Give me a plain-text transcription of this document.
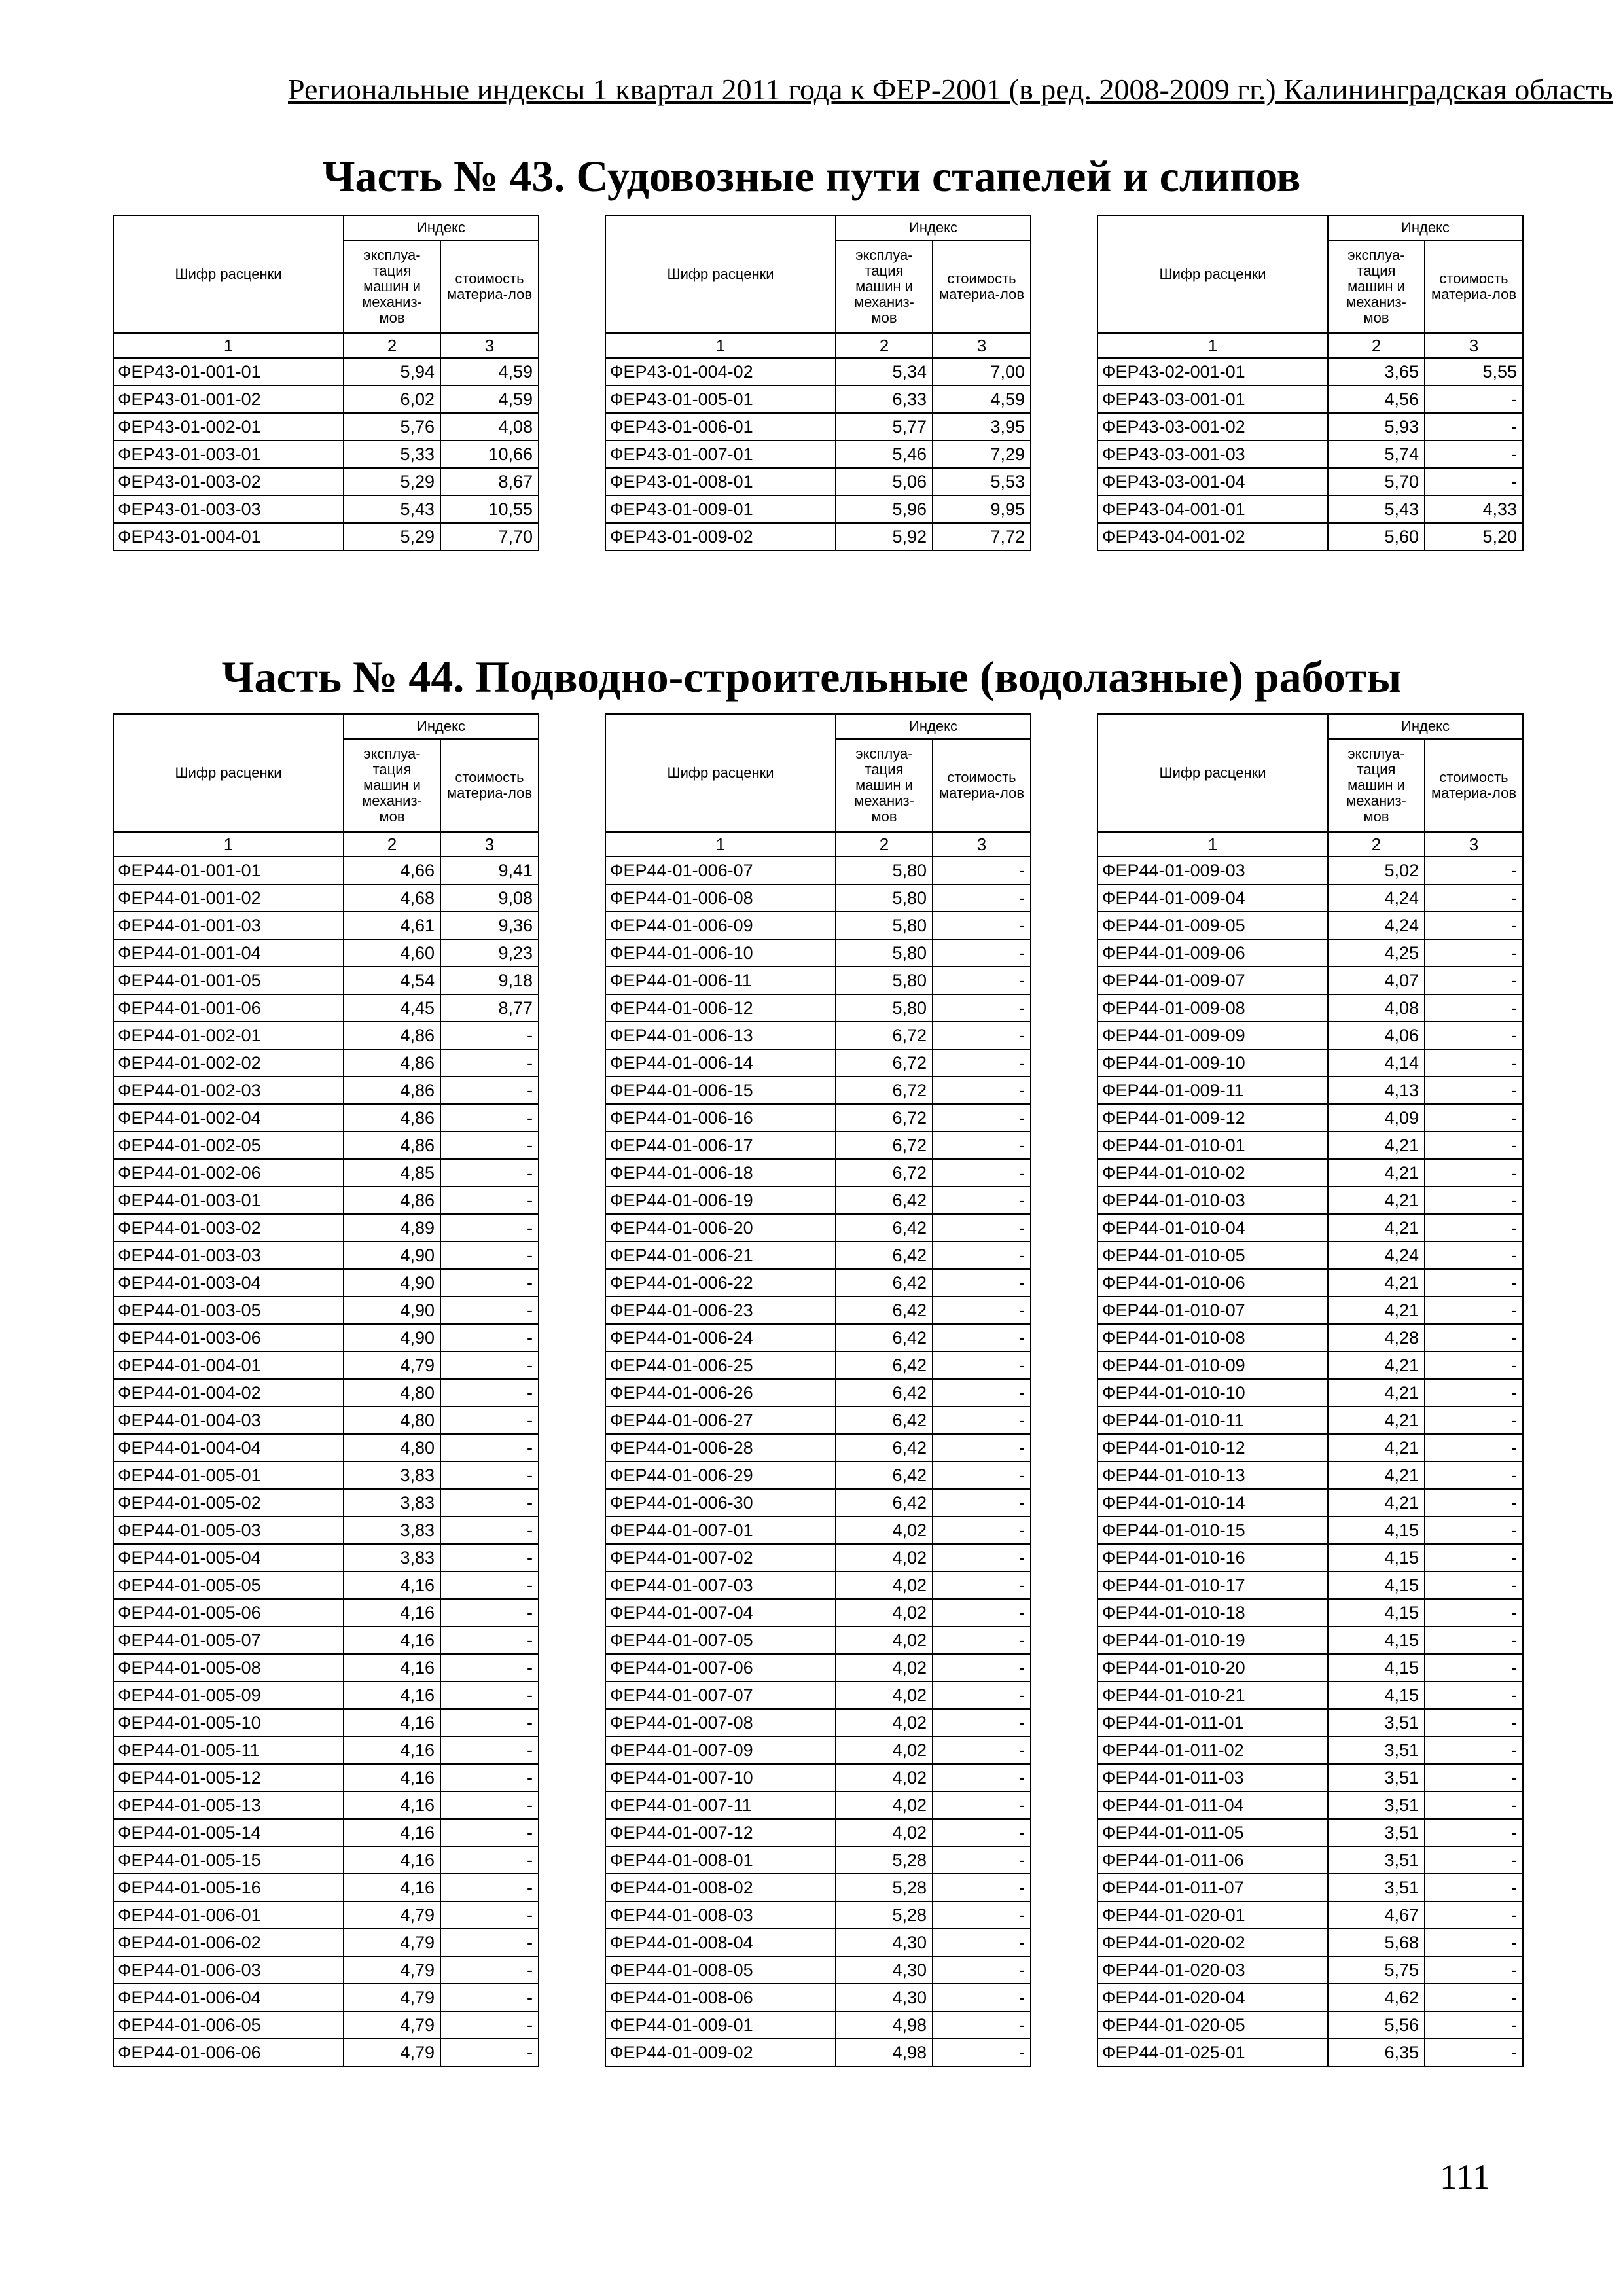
Региональные индексы 1 квартал 2011 года к ФЕР-2001 (в ред. 2008-2009 гг.) Калининградская область
Часть № 43. Судовозные пути стапелей и слипов
Часть № 44. Подводно-строительные (водолазные) работы
Шифр расценки	Индекс	
	эксплуа-тация машин и механиз-мов	стоимость материа-лов
1	2	3
ФЕР43-01-001-01	5,94	4,59
ФЕР43-01-001-02	6,02	4,59
ФЕР43-01-002-01	5,76	4,08
ФЕР43-01-003-01	5,33	10,66
ФЕР43-01-003-02	5,29	8,67
ФЕР43-01-003-03	5,43	10,55
ФЕР43-01-004-01	5,29	7,70
Шифр расценки	Индекс	
	эксплуа-тация машин и механиз-мов	стоимость материа-лов
1	2	3
ФЕР43-01-004-02	5,34	7,00
ФЕР43-01-005-01	6,33	4,59
ФЕР43-01-006-01	5,77	3,95
ФЕР43-01-007-01	5,46	7,29
ФЕР43-01-008-01	5,06	5,53
ФЕР43-01-009-01	5,96	9,95
ФЕР43-01-009-02	5,92	7,72
Шифр расценки	Индекс	
	эксплуа-тация машин и механиз-мов	стоимость материа-лов
1	2	3
ФЕР43-02-001-01	3,65	5,55
ФЕР43-03-001-01	4,56	-
ФЕР43-03-001-02	5,93	-
ФЕР43-03-001-03	5,74	-
ФЕР43-03-001-04	5,70	-
ФЕР43-04-001-01	5,43	4,33
ФЕР43-04-001-02	5,60	5,20
Шифр расценки	Индекс	
	эксплуа-тация машин и механиз-мов	стоимость материа-лов
1	2	3
ФЕР44-01-001-01	4,66	9,41
ФЕР44-01-001-02	4,68	9,08
ФЕР44-01-001-03	4,61	9,36
ФЕР44-01-001-04	4,60	9,23
ФЕР44-01-001-05	4,54	9,18
ФЕР44-01-001-06	4,45	8,77
ФЕР44-01-002-01	4,86	-
ФЕР44-01-002-02	4,86	-
ФЕР44-01-002-03	4,86	-
ФЕР44-01-002-04	4,86	-
ФЕР44-01-002-05	4,86	-
ФЕР44-01-002-06	4,85	-
ФЕР44-01-003-01	4,86	-
ФЕР44-01-003-02	4,89	-
ФЕР44-01-003-03	4,90	-
ФЕР44-01-003-04	4,90	-
ФЕР44-01-003-05	4,90	-
ФЕР44-01-003-06	4,90	-
ФЕР44-01-004-01	4,79	-
ФЕР44-01-004-02	4,80	-
ФЕР44-01-004-03	4,80	-
ФЕР44-01-004-04	4,80	-
ФЕР44-01-005-01	3,83	-
ФЕР44-01-005-02	3,83	-
ФЕР44-01-005-03	3,83	-
ФЕР44-01-005-04	3,83	-
ФЕР44-01-005-05	4,16	-
ФЕР44-01-005-06	4,16	-
ФЕР44-01-005-07	4,16	-
ФЕР44-01-005-08	4,16	-
ФЕР44-01-005-09	4,16	-
ФЕР44-01-005-10	4,16	-
ФЕР44-01-005-11	4,16	-
ФЕР44-01-005-12	4,16	-
ФЕР44-01-005-13	4,16	-
ФЕР44-01-005-14	4,16	-
ФЕР44-01-005-15	4,16	-
ФЕР44-01-005-16	4,16	-
ФЕР44-01-006-01	4,79	-
ФЕР44-01-006-02	4,79	-
ФЕР44-01-006-03	4,79	-
ФЕР44-01-006-04	4,79	-
ФЕР44-01-006-05	4,79	-
ФЕР44-01-006-06	4,79	-
Шифр расценки	Индекс	
	эксплуа-тация машин и механиз-мов	стоимость материа-лов
1	2	3
ФЕР44-01-006-07	5,80	-
ФЕР44-01-006-08	5,80	-
ФЕР44-01-006-09	5,80	-
ФЕР44-01-006-10	5,80	-
ФЕР44-01-006-11	5,80	-
ФЕР44-01-006-12	5,80	-
ФЕР44-01-006-13	6,72	-
ФЕР44-01-006-14	6,72	-
ФЕР44-01-006-15	6,72	-
ФЕР44-01-006-16	6,72	-
ФЕР44-01-006-17	6,72	-
ФЕР44-01-006-18	6,72	-
ФЕР44-01-006-19	6,42	-
ФЕР44-01-006-20	6,42	-
ФЕР44-01-006-21	6,42	-
ФЕР44-01-006-22	6,42	-
ФЕР44-01-006-23	6,42	-
ФЕР44-01-006-24	6,42	-
ФЕР44-01-006-25	6,42	-
ФЕР44-01-006-26	6,42	-
ФЕР44-01-006-27	6,42	-
ФЕР44-01-006-28	6,42	-
ФЕР44-01-006-29	6,42	-
ФЕР44-01-006-30	6,42	-
ФЕР44-01-007-01	4,02	-
ФЕР44-01-007-02	4,02	-
ФЕР44-01-007-03	4,02	-
ФЕР44-01-007-04	4,02	-
ФЕР44-01-007-05	4,02	-
ФЕР44-01-007-06	4,02	-
ФЕР44-01-007-07	4,02	-
ФЕР44-01-007-08	4,02	-
ФЕР44-01-007-09	4,02	-
ФЕР44-01-007-10	4,02	-
ФЕР44-01-007-11	4,02	-
ФЕР44-01-007-12	4,02	-
ФЕР44-01-008-01	5,28	-
ФЕР44-01-008-02	5,28	-
ФЕР44-01-008-03	5,28	-
ФЕР44-01-008-04	4,30	-
ФЕР44-01-008-05	4,30	-
ФЕР44-01-008-06	4,30	-
ФЕР44-01-009-01	4,98	-
ФЕР44-01-009-02	4,98	-
Шифр расценки	Индекс	
	эксплуа-тация машин и механиз-мов	стоимость материа-лов
1	2	3
ФЕР44-01-009-03	5,02	-
ФЕР44-01-009-04	4,24	-
ФЕР44-01-009-05	4,24	-
ФЕР44-01-009-06	4,25	-
ФЕР44-01-009-07	4,07	-
ФЕР44-01-009-08	4,08	-
ФЕР44-01-009-09	4,06	-
ФЕР44-01-009-10	4,14	-
ФЕР44-01-009-11	4,13	-
ФЕР44-01-009-12	4,09	-
ФЕР44-01-010-01	4,21	-
ФЕР44-01-010-02	4,21	-
ФЕР44-01-010-03	4,21	-
ФЕР44-01-010-04	4,21	-
ФЕР44-01-010-05	4,24	-
ФЕР44-01-010-06	4,21	-
ФЕР44-01-010-07	4,21	-
ФЕР44-01-010-08	4,28	-
ФЕР44-01-010-09	4,21	-
ФЕР44-01-010-10	4,21	-
ФЕР44-01-010-11	4,21	-
ФЕР44-01-010-12	4,21	-
ФЕР44-01-010-13	4,21	-
ФЕР44-01-010-14	4,21	-
ФЕР44-01-010-15	4,15	-
ФЕР44-01-010-16	4,15	-
ФЕР44-01-010-17	4,15	-
ФЕР44-01-010-18	4,15	-
ФЕР44-01-010-19	4,15	-
ФЕР44-01-010-20	4,15	-
ФЕР44-01-010-21	4,15	-
ФЕР44-01-011-01	3,51	-
ФЕР44-01-011-02	3,51	-
ФЕР44-01-011-03	3,51	-
ФЕР44-01-011-04	3,51	-
ФЕР44-01-011-05	3,51	-
ФЕР44-01-011-06	3,51	-
ФЕР44-01-011-07	3,51	-
ФЕР44-01-020-01	4,67	-
ФЕР44-01-020-02	5,68	-
ФЕР44-01-020-03	5,75	-
ФЕР44-01-020-04	4,62	-
ФЕР44-01-020-05	5,56	-
ФЕР44-01-025-01	6,35	-
111
